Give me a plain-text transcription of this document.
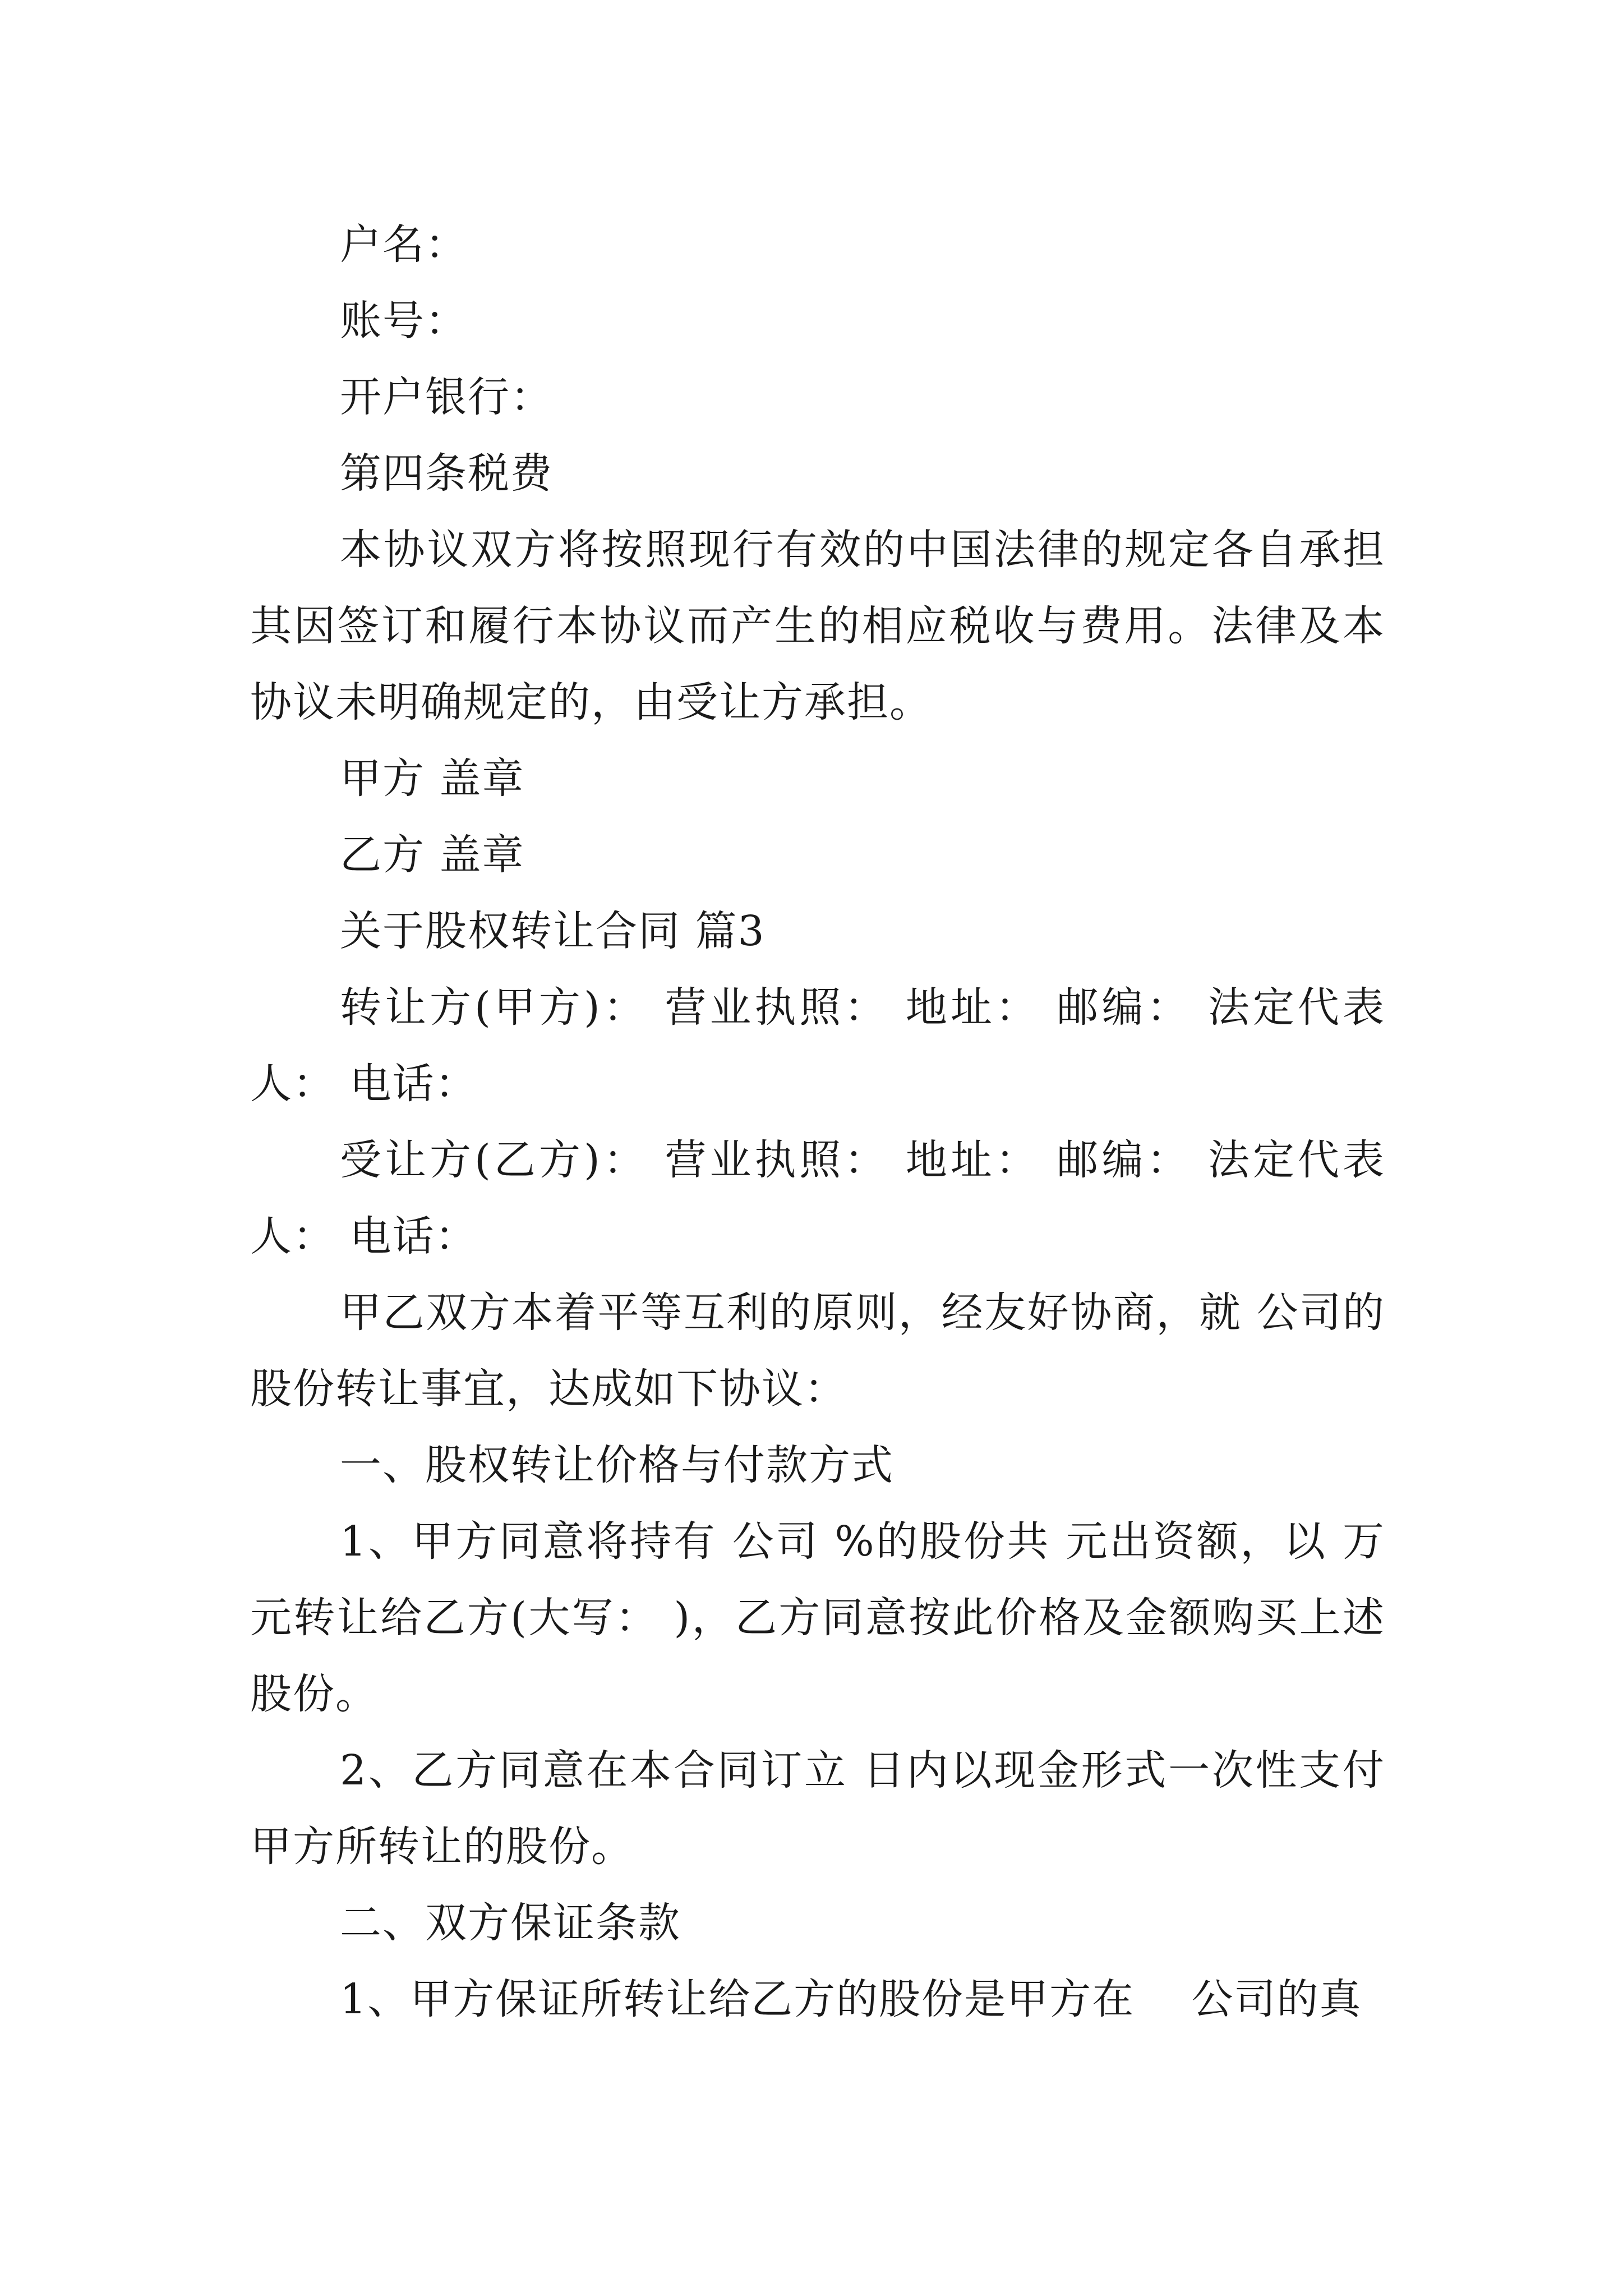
户名：

账号：

开户银行：

第四条税费

本协议双方将按照现行有效的中国法律的规定各自承担其因签订和履行本协议而产生的相应税收与费用。法律及本协议未明确规定的，由受让方承担。

甲方 盖章

乙方 盖章

关于股权转让合同 篇3

转让方(甲方)： 营业执照： 地址： 邮编： 法定代表人： 电话：

受让方(乙方)： 营业执照： 地址： 邮编： 法定代表人： 电话：

甲乙双方本着平等互利的原则，经友好协商，就 公司的股份转让事宜，达成如下协议：

一、股权转让价格与付款方式

1、甲方同意将持有 公司 %的股份共 元出资额，以 万元转让给乙方(大写： )，乙方同意按此价格及金额购买上述股份。

2、乙方同意在本合同订立 日内以现金形式一次性支付甲方所转让的股份。

二、双方保证条款

1、甲方保证所转让给乙方的股份是甲方在　 公司的真
